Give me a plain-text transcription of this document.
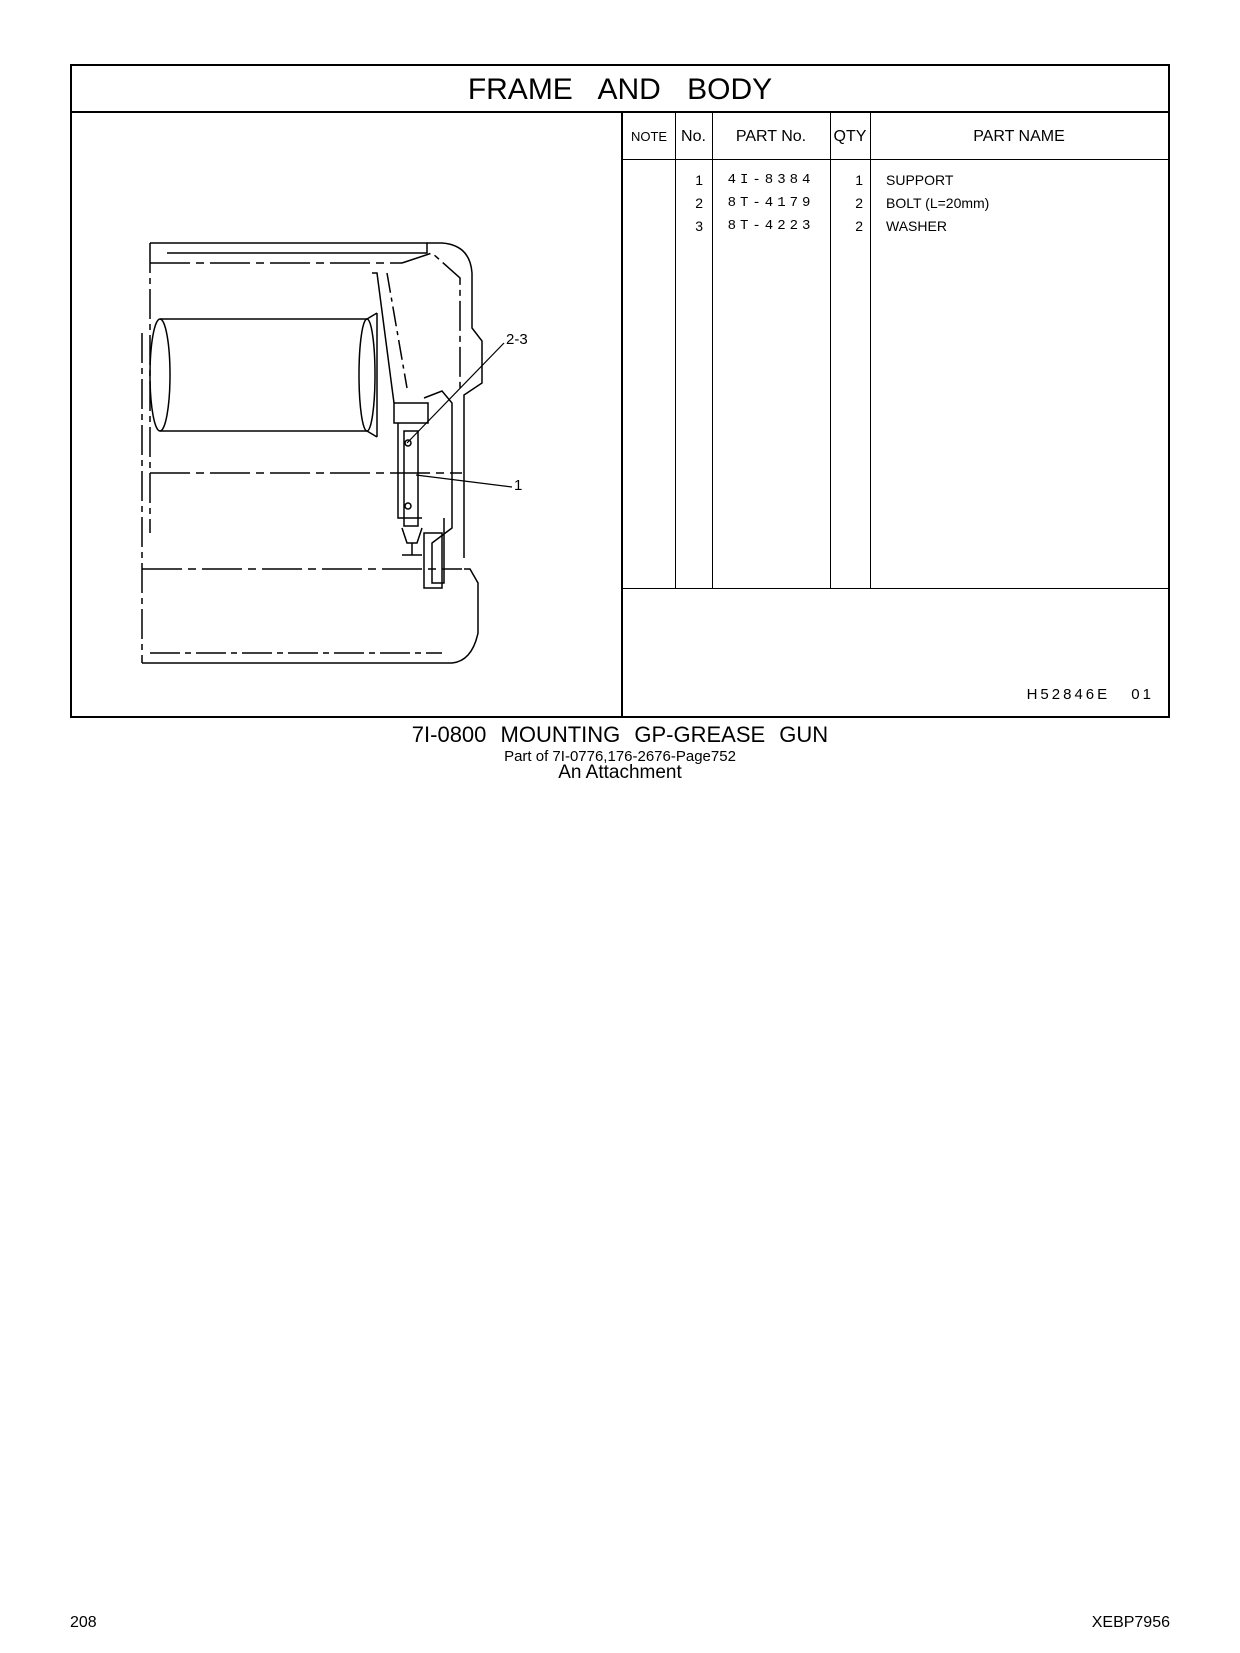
FRAME AND BODY
2-3
1
NOTE No.	PART No.	QTY	PART NAME
1	4I-8384	1 SUPPORT
2	8T-4179	2 BOLT (L=20mm)
3	8T-4223	2 WASHER
H52846E 01
7I-0800 MOUNTING GP-GREASE GUN
Part of 7I-0776,176-2676-Page752
An Attachment
208	XEBP7956
